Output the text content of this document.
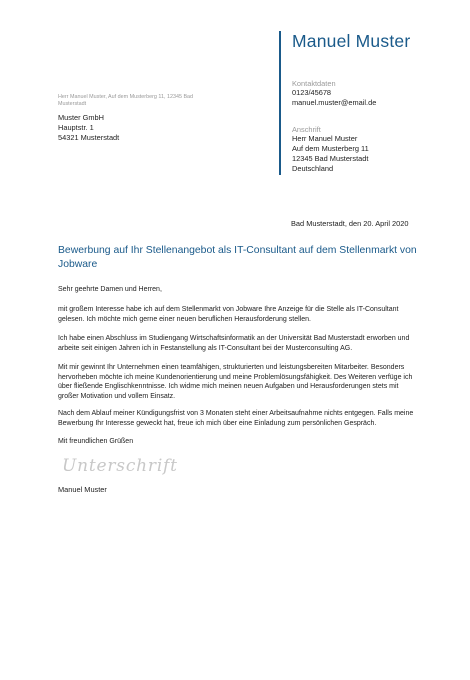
Manuel Muster
Kontaktdaten
0123/45678
manuel.muster@email.de
Anschrift
Herr Manuel Muster
Auf dem Musterberg 11
12345 Bad Musterstadt
Deutschland
Herr Manuel Muster, Auf dem Musterberg 11, 12345 Bad Musterstadt
Muster GmbH
Hauptstr. 1
54321 Musterstadt
Bad Musterstadt, den 20. April 2020
Bewerbung auf Ihr Stellenangebot als IT-Consultant auf dem Stellenmarkt von Jobware
Sehr geehrte Damen und Herren,
mit großem Interesse habe ich auf dem Stellenmarkt von Jobware Ihre Anzeige für die Stelle als IT-Consultant gelesen. Ich möchte mich gerne einer neuen beruflichen Herausforderung stellen.
Ich habe einen Abschluss im Studiengang Wirtschaftsinformatik an der Universität Bad Musterstadt erworben und arbeite seit einigen Jahren ich in Festanstellung als IT-Consultant bei der Musterconsulting AG.
Mit mir gewinnt Ihr Unternehmen einen teamfähigen, strukturierten und leistungsbereiten Mitarbeiter. Besonders hervorheben möchte ich meine Kundenorientierung und meine Problemlösungsfähigkeit. Des Weiteren verfüge ich über fließende Englischkenntnisse. Ich widme mich meinen neuen Aufgaben und Herausforderungen stets mit großer Motivation und vollem Einsatz.
Nach dem Ablauf meiner Kündigungsfrist von 3 Monaten steht einer Arbeitsaufnahme nichts entgegen. Falls meine Bewerbung Ihr Interesse geweckt hat, freue ich mich über eine Einladung zum persönlichen Gespräch.
Mit freundlichen Grüßen
Unterschrift
Manuel Muster
